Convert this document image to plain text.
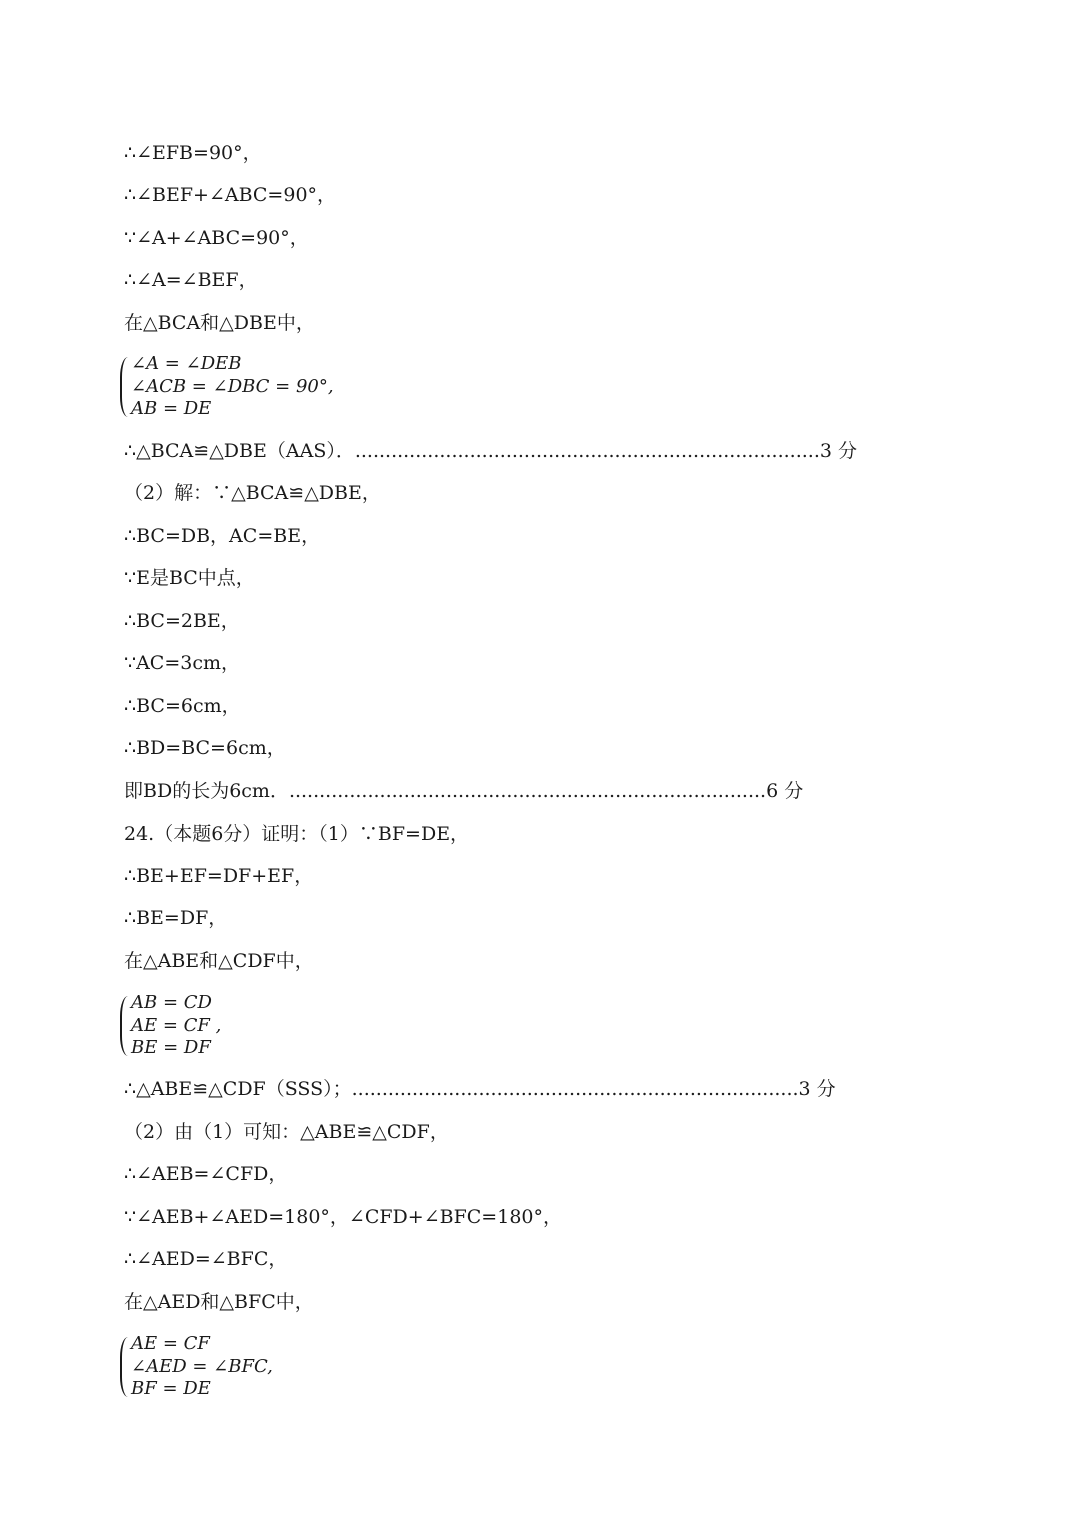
∴∠EFB=90°，
∴∠BEF+∠ABC=90°，
∵∠A+∠ABC=90°，
∴∠A=∠BEF，
在△BCA和△DBE中，
∠A = ∠DEB
∠ACB = ∠DBC = 90°,
AB = DE
∴△BCA≌△DBE（AAS）．.............................................................................3 分
（2）解：∵△BCA≌△DBE，
∴BC=DB，AC=BE，
∵E是BC中点，
∴BC=2BE，
∵AC=3cm，
∴BC=6cm，
∴BD=BC=6cm，
即BD的长为6cm．...............................................................................6 分
24.（本题6分）证明：（1）∵BF=DE，
∴BE+EF=DF+EF，
∴BE=DF，
在△ABE和△CDF中，
AB = CD
AE = CF ,
BE = DF
∴△ABE≌△CDF（SSS）；..........................................................................3 分
（2）由（1）可知：△ABE≌△CDF，
∴∠AEB=∠CFD，
∵∠AEB+∠AED=180°，∠CFD+∠BFC=180°，
∴∠AED=∠BFC，
在△AED和△BFC中，
AE = CF
∠AED = ∠BFC,
BF = DE
